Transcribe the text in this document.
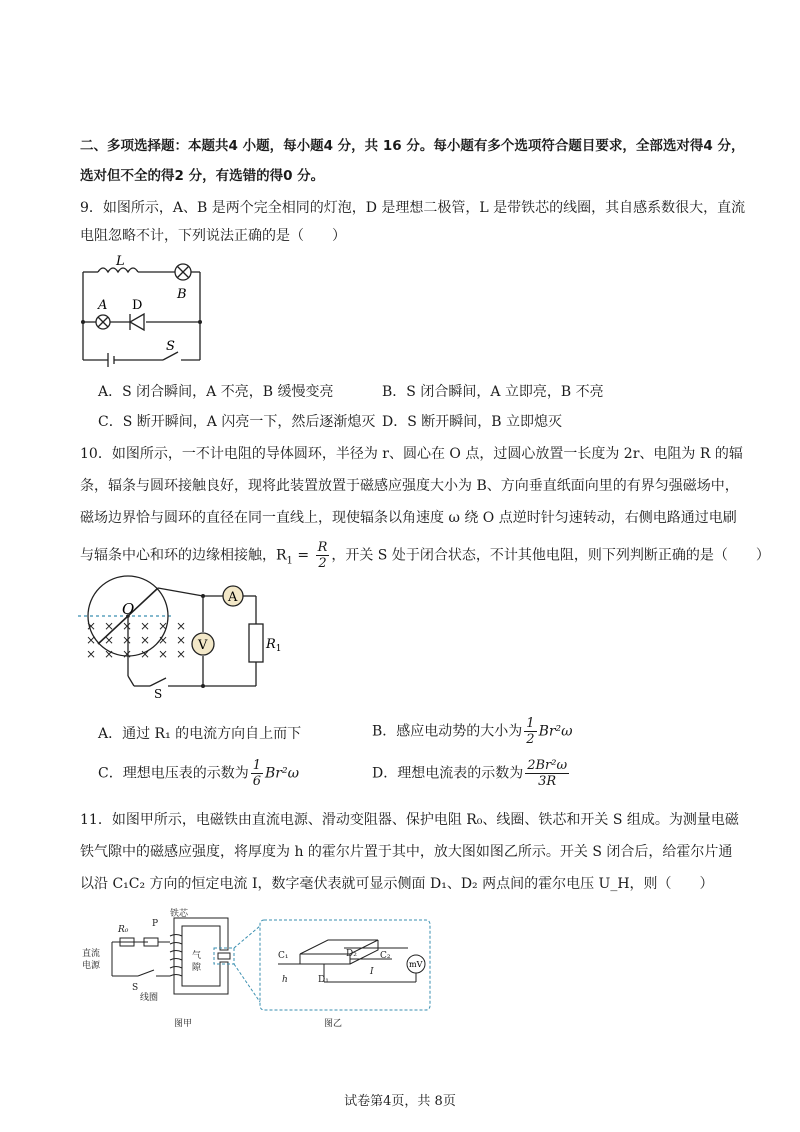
二、多项选择题：本题共4 小题，每小题4 分，共 16 分。每小题有多个选项符合题目要求，全部选对得4 分，
选对但不全的得2 分，有选错的得0 分。
9．如图所示，A、B 是两个完全相同的灯泡，D 是理想二极管，L 是带铁芯的线圈，其自感系数很大，直流
电阻忽略不计，下列说法正确的是（　　）
L
B
A D
S
A．S 闭合瞬间，A 不亮，B 缓慢变亮	B．S 闭合瞬间，A 立即亮，B 不亮
C．S 断开瞬间，A 闪亮一下，然后逐渐熄灭 D．S 断开瞬间，B 立即熄灭
10．如图所示，一不计电阻的导体圆环，半径为 r、圆心在 O 点，过圆心放置一长度为 2r、电阻为 R 的辐
条，辐条与圆环接触良好，现将此装置放置于磁感应强度大小为 B、方向垂直纸面向里的有界匀强磁场中，
磁场边界恰与圆环的直径在同一直线上，现使辐条以角速度 ω 绕 O 点逆时针匀速转动，右侧电路通过电刷
与辐条中心和环的边缘相接触，$R_1 = \frac{R}{2}$ ，开关 S 处于闭合状态，不计其他电阻，则下列判断正确的是（　　）
O
× × × × × ×
× × × × × ×
× × × × × ×
A
V	$R_1$
S
A．通过 R₁ 的电流方向自上而下	B．感应电动势的大小为 $\frac{1}{2} Br^2\omega$
C．理想电压表的示数为 $\frac{1}{6} Br^2\omega$	D．理想电流表的示数为 $\frac{\text{2Br²ω}}{3R}$
11．如图甲所示，电磁铁由直流电源、滑动变阻器、保护电阻 R₀、线圈、铁芯和开关 S 组成。为测量电磁
铁气隙中的磁感应强度，将厚度为 h 的霍尔片置于其中，放大图如图乙所示。开关 S 闭合后，给霍尔片通
以沿 C₁C₂ 方向的恒定电流 I，数字毫伏表就可显示侧面 D₁、D₂ 两点间的霍尔电压 U_H，则（　　）
铁芯
R₀
P
直流
电源
气
隙
S
线圈
图甲	图乙
C₁	C₂
D₁
D₂
I
h
mV
试卷第4页，共 8页
